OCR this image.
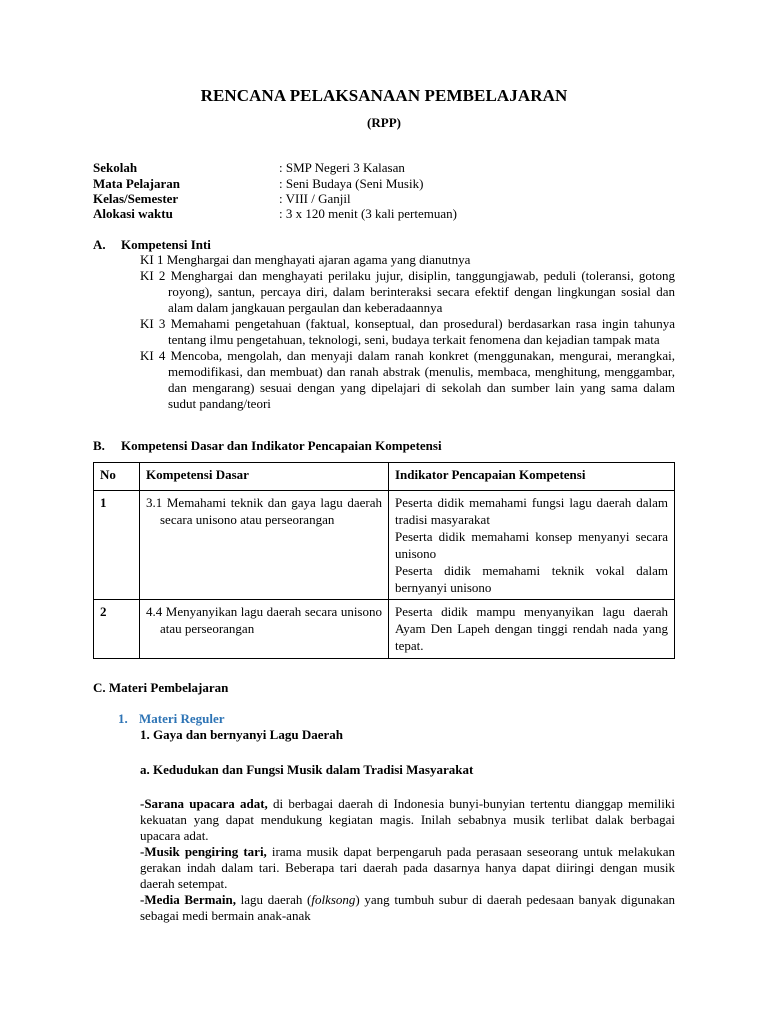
RENCANA PELAKSANAAN PEMBELAJARAN
(RPP)
Sekolah	: SMP Negeri 3 Kalasan
Mata Pelajaran	: Seni Budaya (Seni Musik)
Kelas/Semester	: VIII / Ganjil
Alokasi waktu	: 3 x 120 menit (3 kali pertemuan)
A. Kompetensi Inti
KI 1 Menghargai dan menghayati ajaran agama yang dianutnya
KI 2 Menghargai dan menghayati perilaku jujur, disiplin, tanggungjawab, peduli (toleransi, gotong royong), santun, percaya diri, dalam berinteraksi secara efektif dengan lingkungan sosial dan alam dalam jangkauan pergaulan dan keberadaannya
KI 3 Memahami pengetahuan (faktual, konseptual, dan prosedural) berdasarkan rasa ingin tahunya tentang ilmu pengetahuan, teknologi, seni, budaya terkait fenomena dan kejadian tampak mata
KI 4 Mencoba, mengolah, dan menyaji dalam ranah konkret (menggunakan, mengurai, merangkai, memodifikasi, dan membuat) dan ranah abstrak (menulis, membaca, menghitung, menggambar, dan mengarang) sesuai dengan yang dipelajari di sekolah dan sumber lain yang sama dalam sudut pandang/teori
B. Kompetensi Dasar dan Indikator Pencapaian Kompetensi
No	Kompetensi Dasar	Indikator Pencapaian Kompetensi
1	3.1 Memahami teknik dan gaya lagu daerah secara unisono atau perseorangan	Peserta didik memahami fungsi lagu daerah dalam tradisi masyarakat
Peserta didik memahami konsep menyanyi secara unisono
Peserta didik memahami teknik vokal dalam bernyanyi unisono

2	4.4 Menyanyikan lagu daerah secara unisono atau perseorangan	Peserta didik mampu menyanyikan lagu daerah Ayam Den Lapeh dengan tinggi rendah nada yang tepat.
C. Materi Pembelajaran
1. Materi Reguler
1. Gaya dan bernyanyi Lagu Daerah
a. Kedudukan dan Fungsi Musik dalam Tradisi Masyarakat
-Sarana upacara adat, di berbagai daerah di Indonesia bunyi-bunyian tertentu dianggap memiliki kekuatan yang dapat mendukung kegiatan magis. Inilah sebabnya musik terlibat dalak berbagai upacara adat.
-Musik pengiring tari, irama musik dapat berpengaruh pada perasaan seseorang untuk melakukan gerakan indah dalam tari. Beberapa tari daerah pada dasarnya hanya dapat diiringi dengan musik daerah setempat.
-Media Bermain, lagu daerah (folksong) yang tumbuh subur di daerah pedesaan banyak digunakan sebagai medi bermain anak-anak
